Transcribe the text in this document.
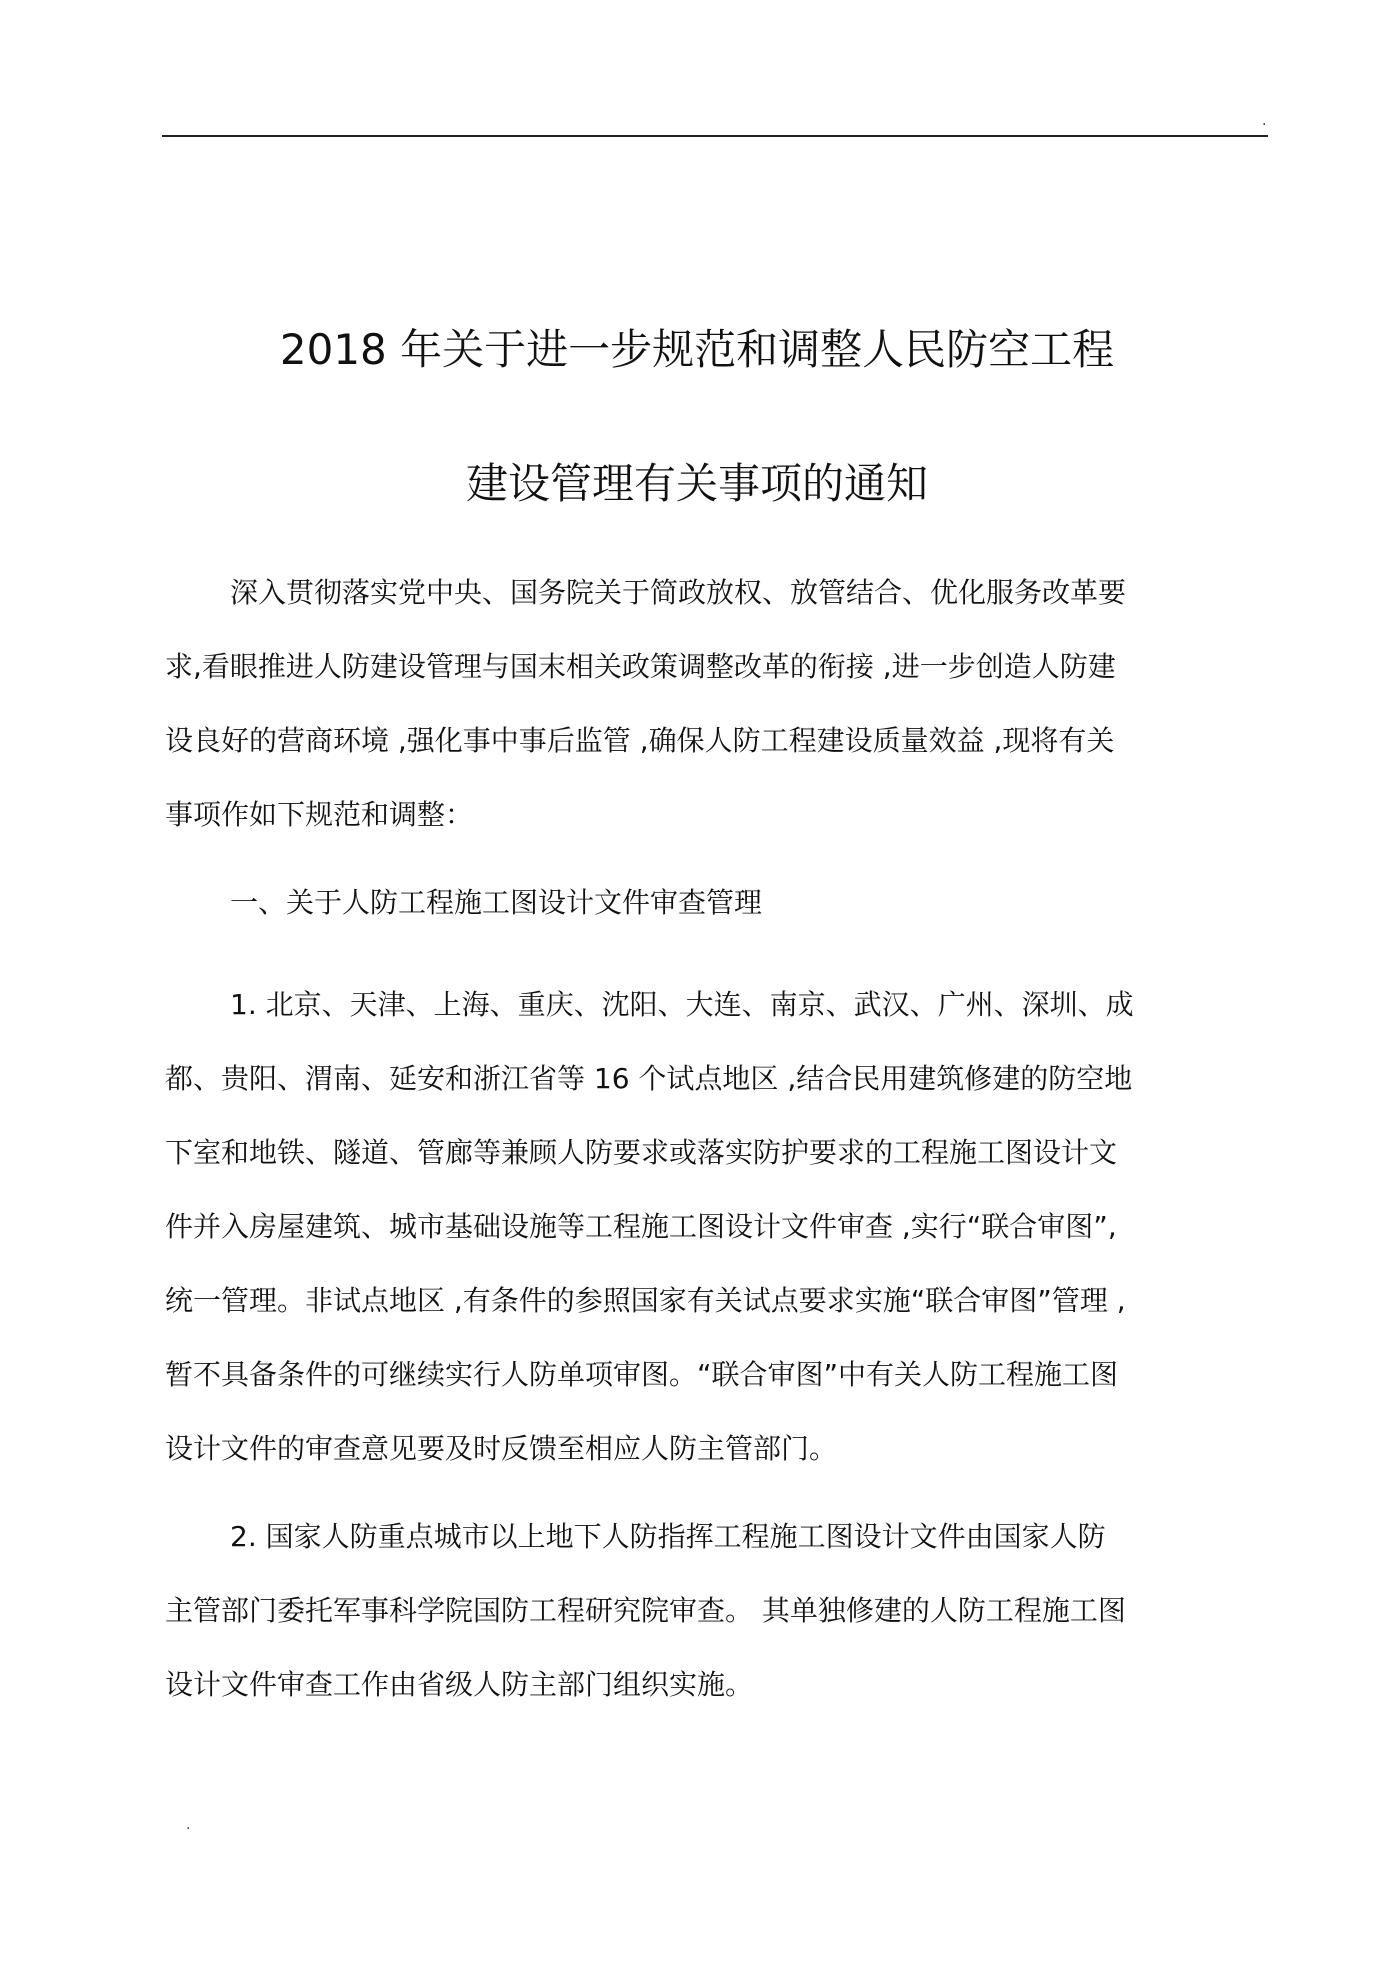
.
2018 年关于进一步规范和调整人民防空工程
建设管理有关事项的通知
深入贯彻落实党中央、国务院关于简政放权、放管结合、优化服务改革要
求,看眼推进人防建设管理与国末相关政策调整改革的衔接 ,进一步创造人防建
设良好的营商环境 ,强化事中事后监管 ,确保人防工程建设质量效益 ,现将有关
事项作如下规范和调整：
一、关于人防工程施工图设计文件审查管理
1. 北京、天津、上海、重庆、沈阳、大连、南京、武汉、广州、深圳、成
都、贵阳、渭南、延安和浙江省等 16 个试点地区 ,结合民用建筑修建的防空地
下室和地铁、隧道、管廊等兼顾人防要求或落实防护要求的工程施工图设计文
件并入房屋建筑、城市基础设施等工程施工图设计文件审查 ,实行“联合审图”,
统一管理。非试点地区 ,有条件的参照国家有关试点要求实施“联合审图”管理 ,
暂不具备条件的可继续实行人防单项审图。“联合审图”中有关人防工程施工图
设计文件的审查意见要及时反馈至相应人防主管部门。
2. 国家人防重点城市以上地下人防指挥工程施工图设计文件由国家人防
主管部门委托军事科学院国防工程研究院审查。 其单独修建的人防工程施工图
设计文件审查工作由省级人防主部门组织实施。
.
